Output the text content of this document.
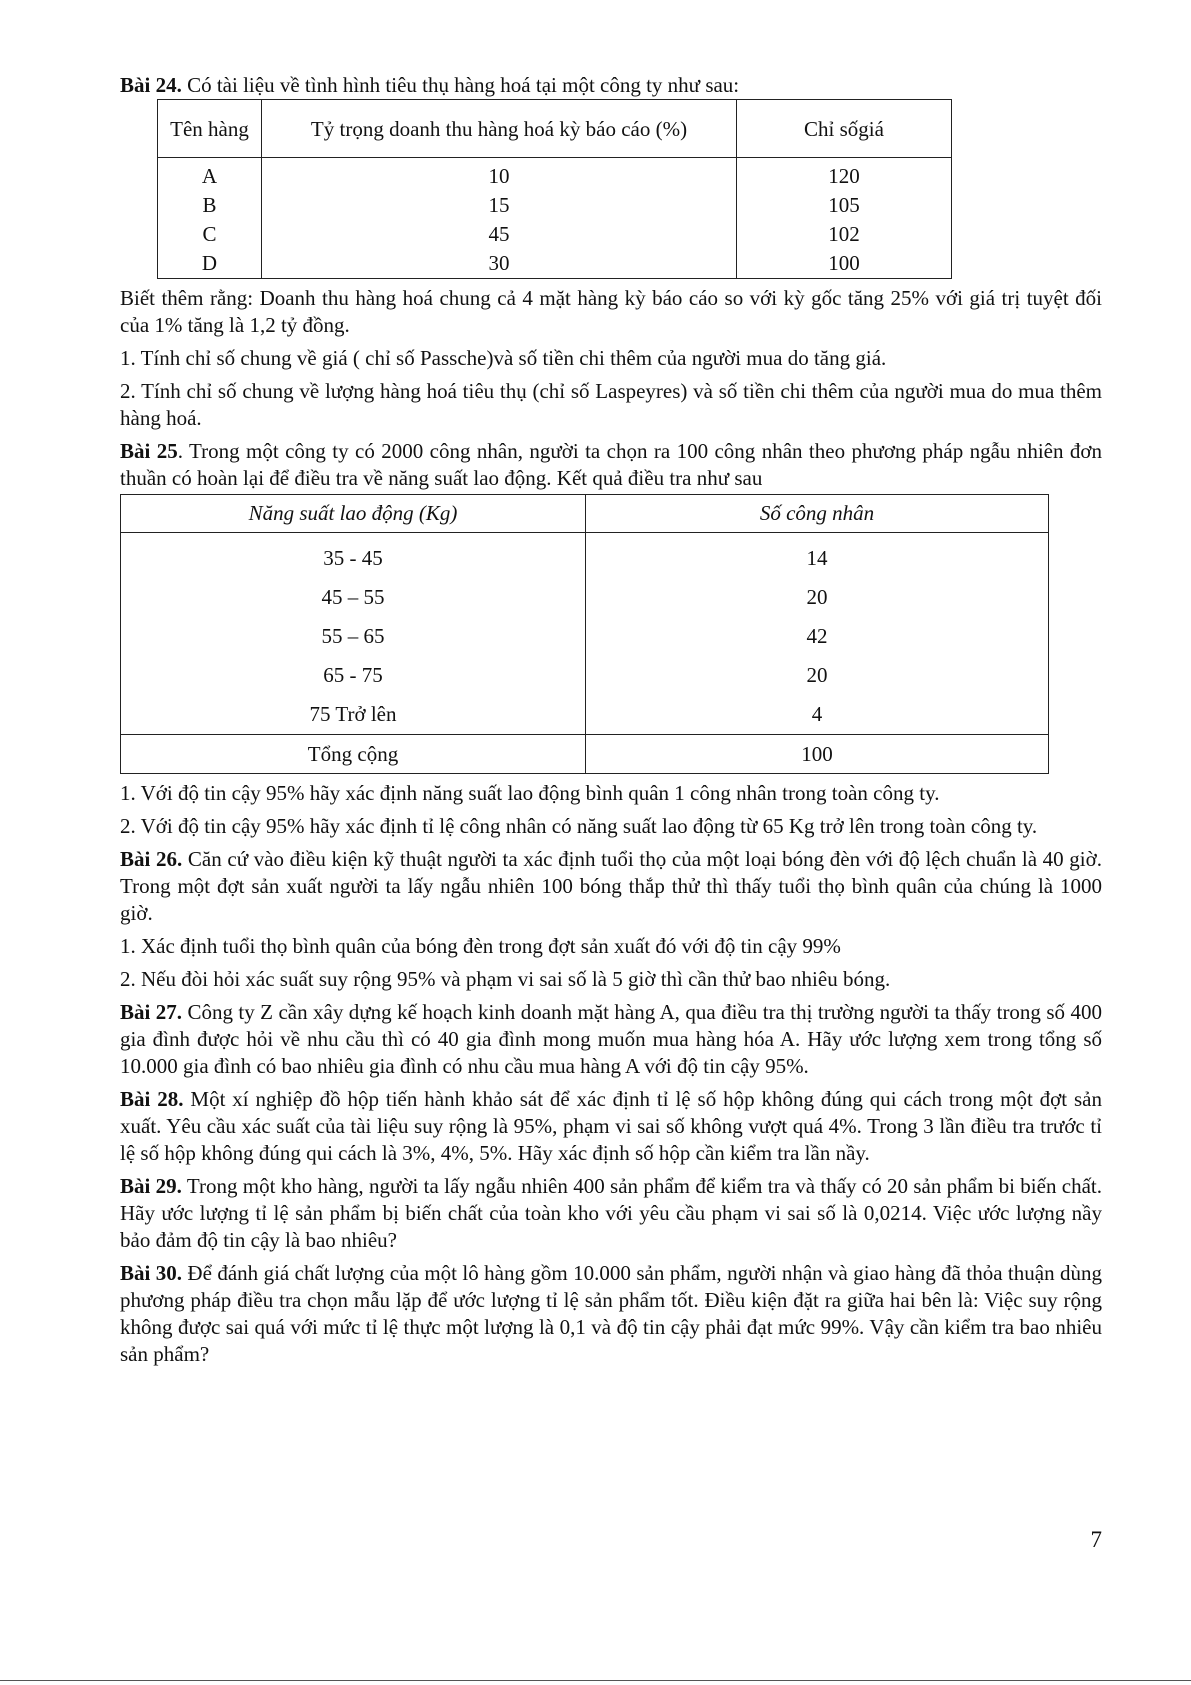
Bài 24. Có tài liệu về tình hình tiêu thụ hàng hoá tại một công ty như sau:

Tên hàng	Tỷ trọng doanh thu hàng hoá kỳ báo cáo (%)	Chỉ sốgiá
A	10	120
B	15	105
C	45	102
D	30	100

Biết thêm rằng: Doanh thu hàng hoá chung cả 4 mặt hàng kỳ báo cáo so với kỳ gốc tăng 25% với giá trị tuyệt đối của 1% tăng là 1,2 tỷ đồng.

1. Tính chỉ số chung về giá ( chỉ số Passche)và số tiền chi thêm của người mua do tăng giá.

2. Tính chỉ số chung về lượng hàng hoá tiêu thụ (chỉ số Laspeyres) và số tiền chi thêm của người mua do mua thêm hàng hoá.

Bài 25. Trong một công ty có 2000 công nhân, người ta chọn ra 100 công nhân theo phương pháp ngẫu nhiên đơn thuần có hoàn lại để điều tra về năng suất lao động. Kết quả điều tra như sau

Năng suất lao động (Kg)	Số công nhân
35 - 45	14
45 – 55	20
55 – 65	42
65 - 75	20
75 Trở lên	4
Tổng cộng	100

1. Với độ tin cậy 95% hãy xác định năng suất lao động bình quân 1 công nhân trong toàn công ty.

2. Với độ tin cậy 95% hãy xác định tỉ lệ công nhân có năng suất lao động từ 65 Kg trở lên trong toàn công ty.

Bài 26. Căn cứ vào điều kiện kỹ thuật người ta xác định tuổi thọ của một loại bóng đèn với độ lệch chuẩn là 40 giờ. Trong một đợt sản xuất người ta lấy ngẫu nhiên 100 bóng thắp thử thì thấy tuổi thọ bình quân của chúng là 1000 giờ.

1. Xác định tuổi thọ bình quân của bóng đèn trong đợt sản xuất đó với độ tin cậy 99%

2. Nếu đòi hỏi xác suất suy rộng 95% và phạm vi sai số là 5 giờ thì cần thử bao nhiêu bóng.

Bài 27. Công ty Z cần xây dựng kế hoạch kinh doanh mặt hàng A, qua điều tra thị trường người ta thấy trong số 400 gia đình được hỏi về nhu cầu thì có 40 gia đình mong muốn mua hàng hóa A. Hãy ước lượng xem trong tổng số 10.000 gia đình có bao nhiêu gia đình có nhu cầu mua hàng A với độ tin cậy 95%.

Bài 28. Một xí nghiệp đồ hộp tiến hành khảo sát để xác định tỉ lệ số hộp không đúng qui cách trong một đợt sản xuất. Yêu cầu xác suất của tài liệu suy rộng là 95%, phạm vi sai số không vượt quá 4%. Trong 3 lần điều tra trước tỉ lệ số hộp không đúng qui cách là 3%, 4%, 5%. Hãy xác định số hộp cần kiểm tra lần nầy.

Bài 29. Trong một kho hàng, người ta lấy ngẫu nhiên 400 sản phẩm để kiểm tra và thấy có 20 sản phẩm bi biến chất. Hãy ước lượng tỉ lệ sản phẩm bị biến chất của toàn kho với yêu cầu phạm vi sai số là 0,0214. Việc ước lượng nầy bảo đảm độ tin cậy là bao nhiêu?

Bài 30. Để đánh giá chất lượng của một lô hàng gồm 10.000 sản phẩm, người nhận và giao hàng đã thỏa thuận dùng phương pháp điều tra chọn mẫu lặp để ước lượng tỉ lệ sản phẩm tốt. Điều kiện đặt ra giữa hai bên là: Việc suy rộng không được sai quá với mức tỉ lệ thực một lượng là 0,1 và độ tin cậy phải đạt mức 99%. Vậy cần kiểm tra bao nhiêu sản phẩm?

7
